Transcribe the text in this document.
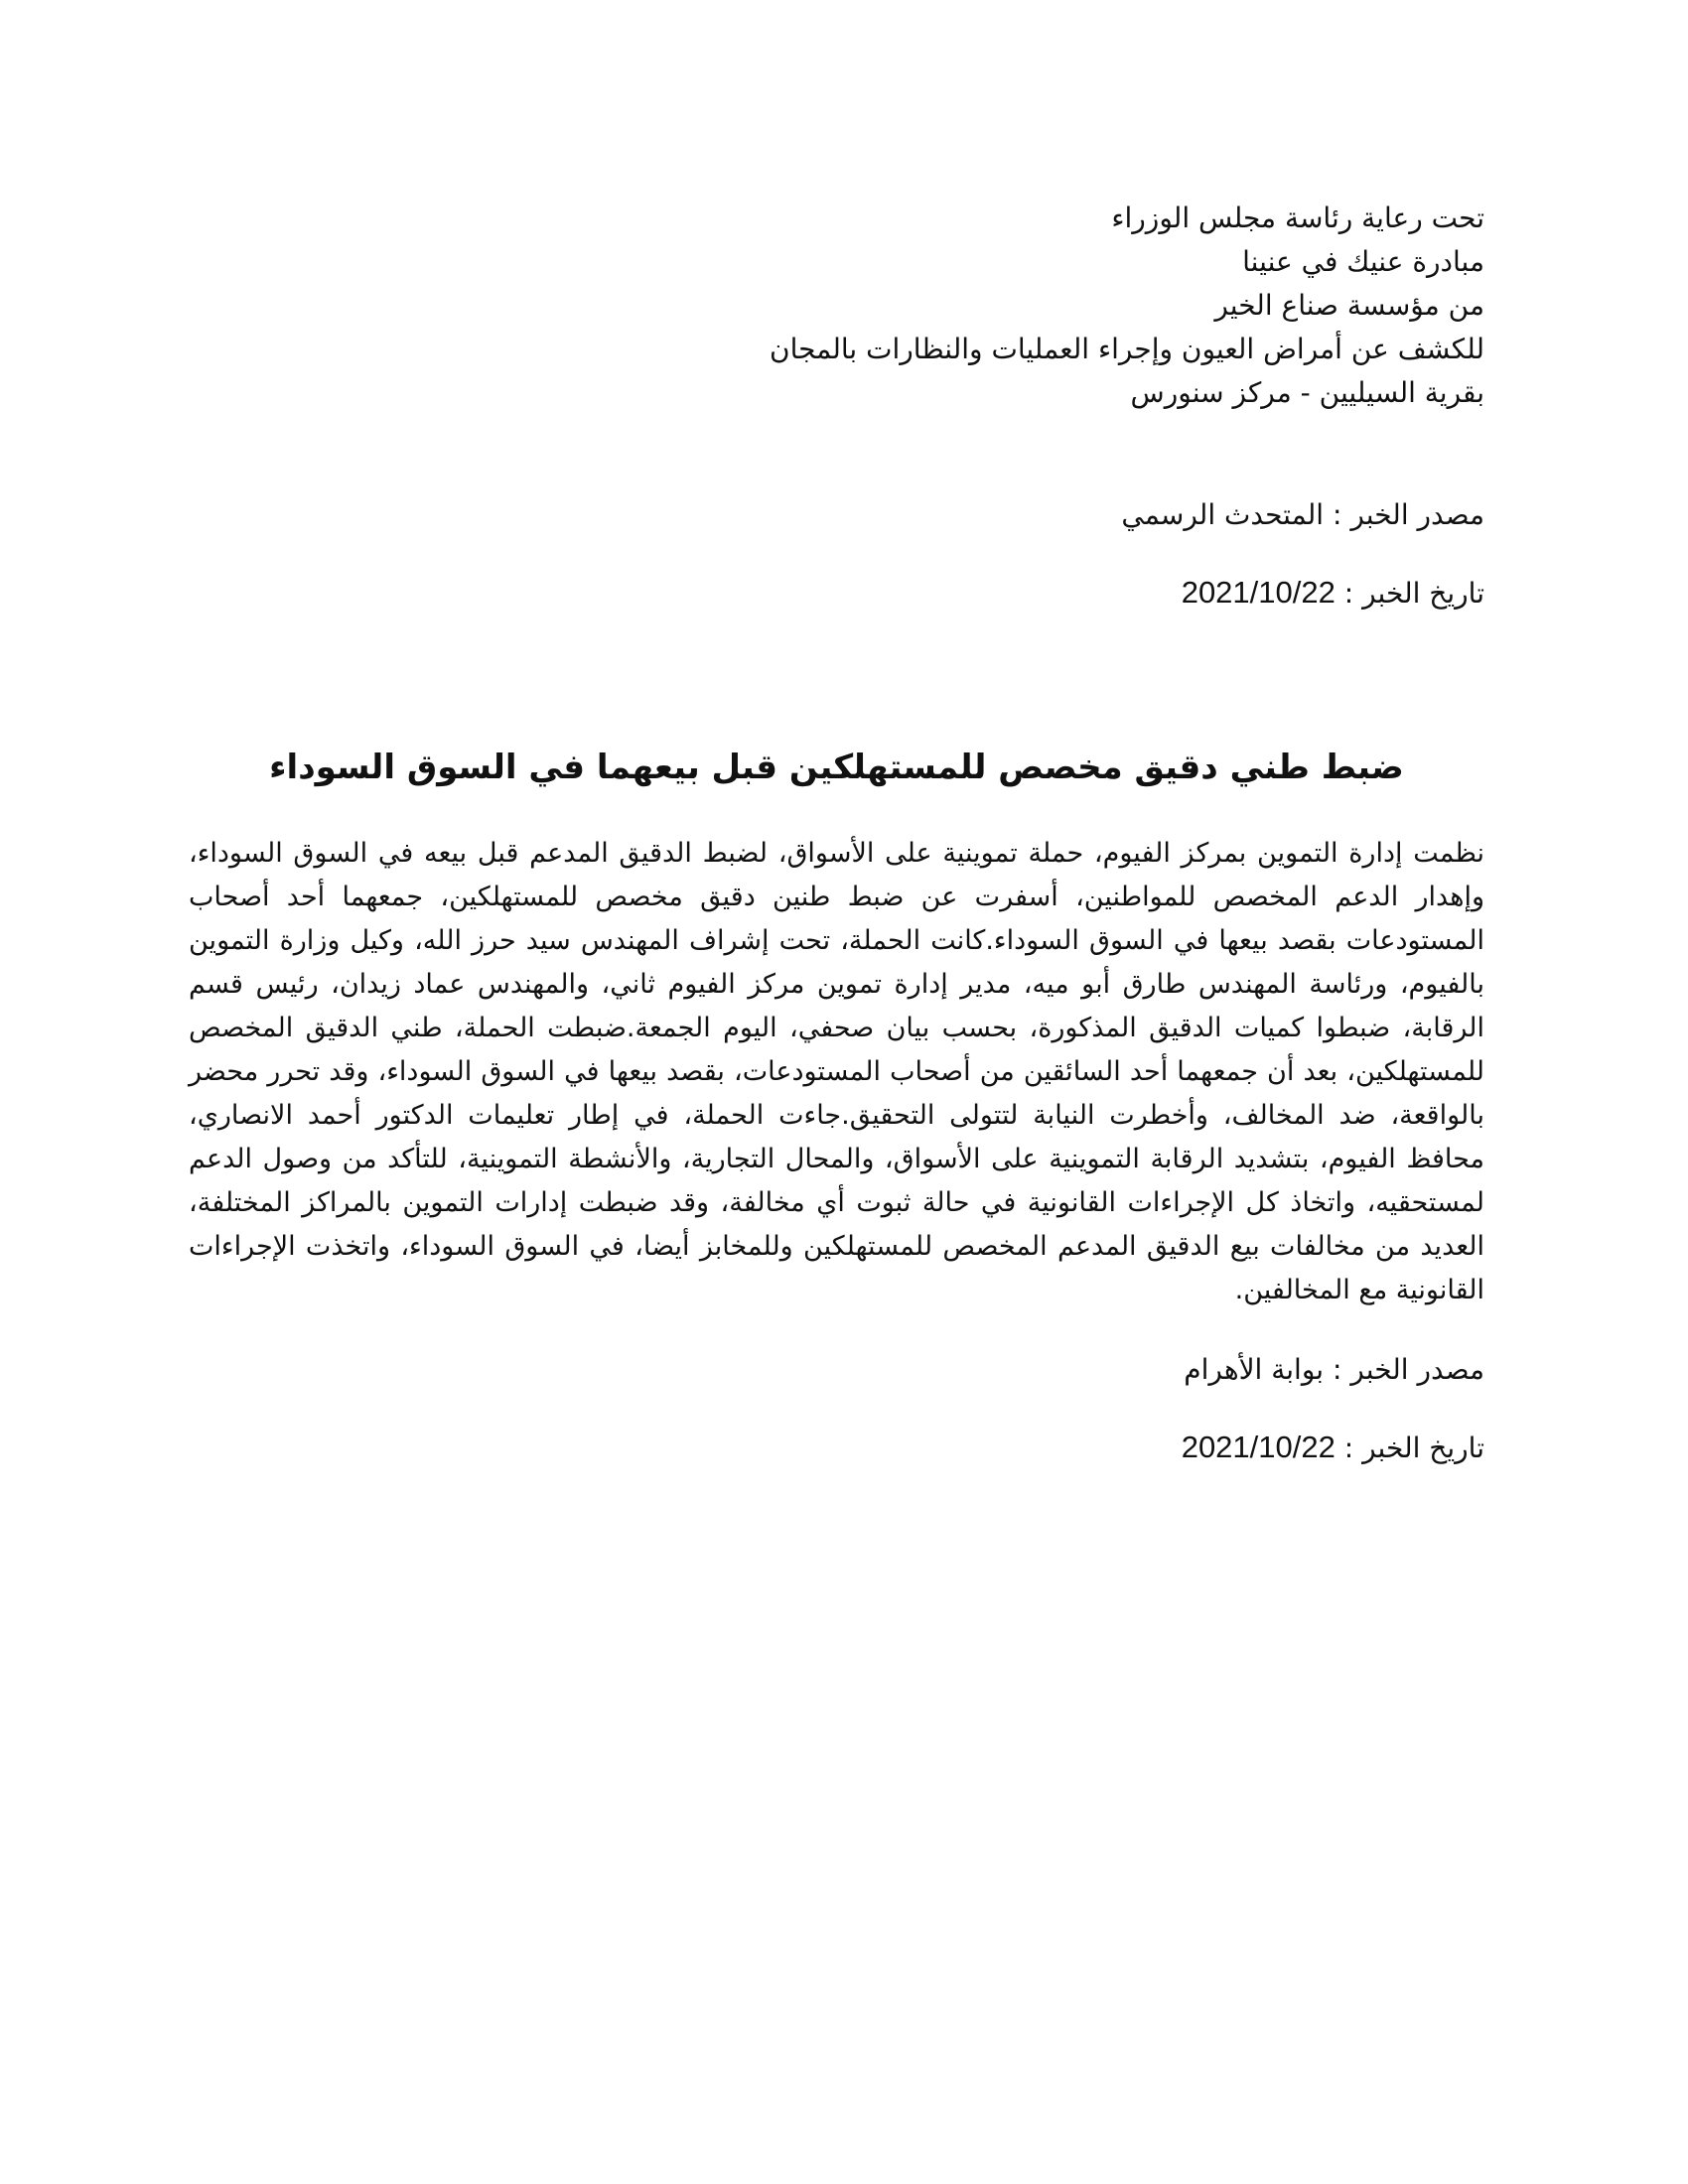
تحت رعاية رئاسة مجلس الوزراء
مبادرة عنيك في عنينا
من مؤسسة صناع الخير
للكشف عن أمراض العيون وإجراء العمليات والنظارات بالمجان
بقرية السيليين - مركز سنورس
مصدر الخبر : المتحدث الرسمي
تاريخ الخبر : 2021/10/22
ضبط طني دقيق مخصص للمستهلكين قبل بيعهما في السوق السوداء

نظمت إدارة التموين بمركز الفيوم، حملة تموينية على الأسواق، لضبط الدقيق المدعم قبل بيعه في السوق السوداء، وإهدار الدعم المخصص للمواطنين، أسفرت عن ضبط طنين دقيق مخصص للمستهلكين، جمعهما أحد أصحاب المستودعات بقصد بيعها في السوق السوداء.كانت الحملة، تحت إشراف المهندس سيد حرز الله، وكيل وزارة التموين بالفيوم، ورئاسة المهندس طارق أبو ميه، مدير إدارة تموين مركز الفيوم ثاني، والمهندس عماد زيدان، رئيس قسم الرقابة، ضبطوا كميات الدقيق المذكورة، بحسب بيان صحفي، اليوم الجمعة.ضبطت الحملة، طني الدقيق المخصص للمستهلكين، بعد أن جمعهما أحد السائقين من أصحاب المستودعات، بقصد بيعها في السوق السوداء، وقد تحرر محضر بالواقعة، ضد المخالف، وأخطرت النيابة لتتولى التحقيق.جاءت الحملة، في إطار تعليمات الدكتور أحمد الانصاري، محافظ الفيوم، بتشديد الرقابة التموينية على الأسواق، والمحال التجارية، والأنشطة التموينية، للتأكد من وصول الدعم لمستحقيه، واتخاذ كل الإجراءات القانونية في حالة ثبوت أي مخالفة، وقد ضبطت إدارات التموين بالمراكز المختلفة، العديد من مخالفات بيع الدقيق المدعم المخصص للمستهلكين وللمخابز أيضا، في السوق السوداء، واتخذت الإجراءات القانونية مع المخالفين.

مصدر الخبر : بوابة الأهرام
تاريخ الخبر : 2021/10/22
